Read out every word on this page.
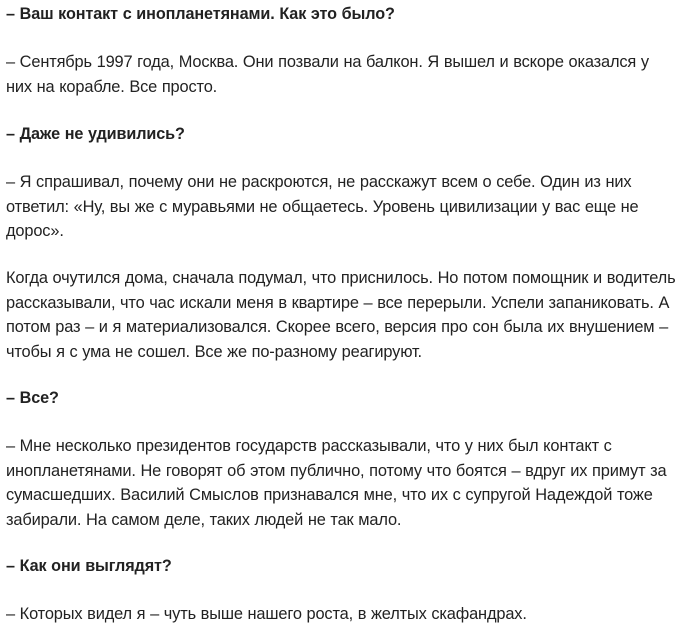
– Ваш контакт с инопланетянами. Как это было?

– Сентябрь 1997 года, Москва. Они позвали на балкон. Я вышел и вскоре оказался у них на корабле. Все просто.

– Даже не удивились?

– Я спрашивал, почему они не раскроются, не расскажут всем о себе. Один из них ответил: «Ну, вы же с муравьями не общаетесь. Уровень цивилизации у вас еще не дорос».

Когда очутился дома, сначала подумал, что приснилось. Но потом помощник и водитель рассказывали, что час искали меня в квартире – все перерыли. Успели запаниковать. А потом раз – и я материализовался. Скорее всего, версия про сон была их внушением – чтобы я с ума не сошел. Все же по-разному реагируют.

– Все?

– Мне несколько президентов государств рассказывали, что у них был контакт с инопланетянами. Не говорят об этом публично, потому что боятся – вдруг их примут за сумасшедших. Василий Смыслов признавался мне, что их с супругой Надеждой тоже забирали. На самом деле, таких людей не так мало.

– Как они выглядят?

– Которых видел я – чуть выше нашего роста, в желтых скафандрах.
